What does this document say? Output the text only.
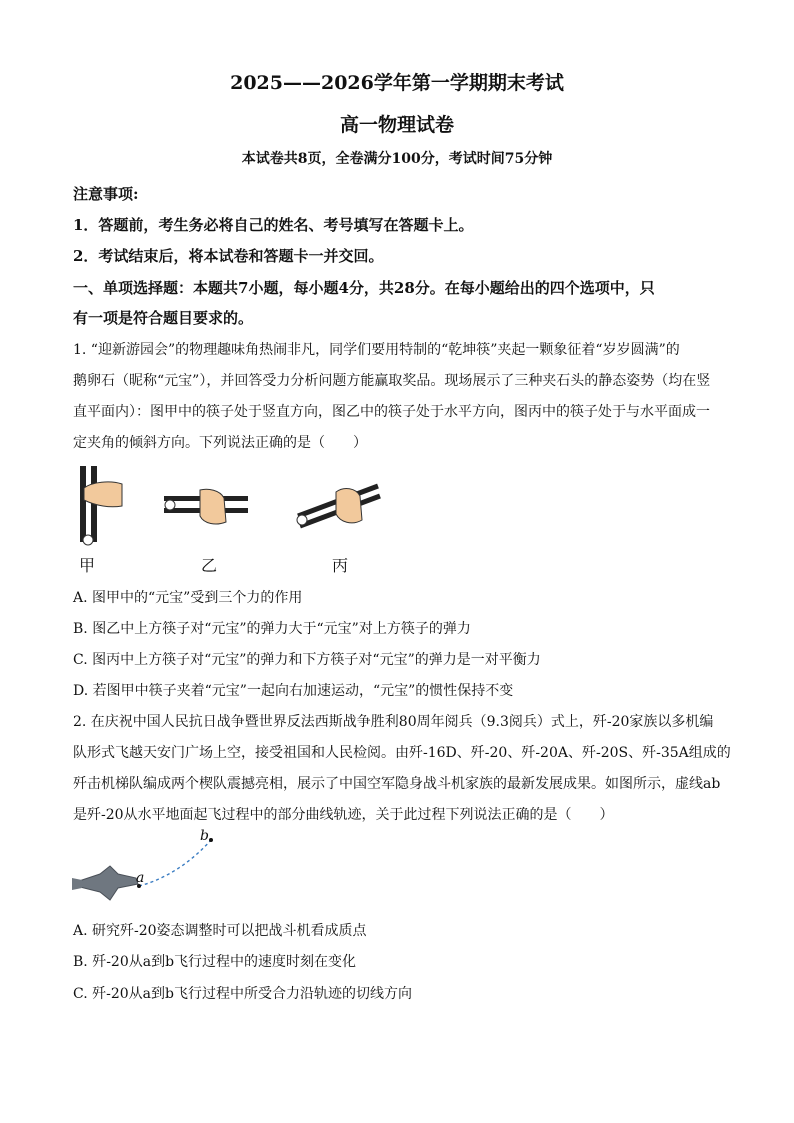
2025——2026学年第一学期期末考试
高一物理试卷
本试卷共8页，全卷满分100分，考试时间75分钟
注意事项:
1．答题前，考生务必将自己的姓名、考号填写在答题卡上。
2．考试结束后，将本试卷和答题卡一并交回。
一、单项选择题：本题共7小题，每小题4分，共28分。在每小题给出的四个选项中，只
有一项是符合题目要求的。
1. “迎新游园会”的物理趣味角热闹非凡，同学们要用特制的“乾坤筷”夹起一颗象征着“岁岁圆满”的
鹅卵石（昵称“元宝”），并回答受力分析问题方能赢取奖品。现场展示了三种夹石头的静态姿势（均在竖
直平面内）：图甲中的筷子处于竖直方向，图乙中的筷子处于水平方向，图丙中的筷子处于与水平面成一
定夹角的倾斜方向。下列说法正确的是（　　）
甲	乙	丙
A. 图甲中的“元宝”受到三个力的作用
B. 图乙中上方筷子对“元宝”的弹力大于“元宝”对上方筷子的弹力
C. 图丙中上方筷子对“元宝”的弹力和下方筷子对“元宝”的弹力是一对平衡力
D. 若图甲中筷子夹着“元宝”一起向右加速运动，“元宝”的惯性保持不变
2. 在庆祝中国人民抗日战争暨世界反法西斯战争胜利80周年阅兵（9.3阅兵）式上，歼-20家族以多机编
队形式飞越天安门广场上空，接受祖国和人民检阅。由歼-16D、歼-20、歼-20A、歼-20S、歼-35A组成的
歼击机梯队编成两个楔队震撼亮相，展示了中国空军隐身战斗机家族的最新发展成果。如图所示，虚线ab
是歼-20从水平地面起飞过程中的部分曲线轨迹，关于此过程下列说法正确的是（　　）
a
b
A. 研究歼-20姿态调整时可以把战斗机看成质点
B. 歼-20从a到b飞行过程中的速度时刻在变化
C. 歼-20从a到b飞行过程中所受合力沿轨迹的切线方向
